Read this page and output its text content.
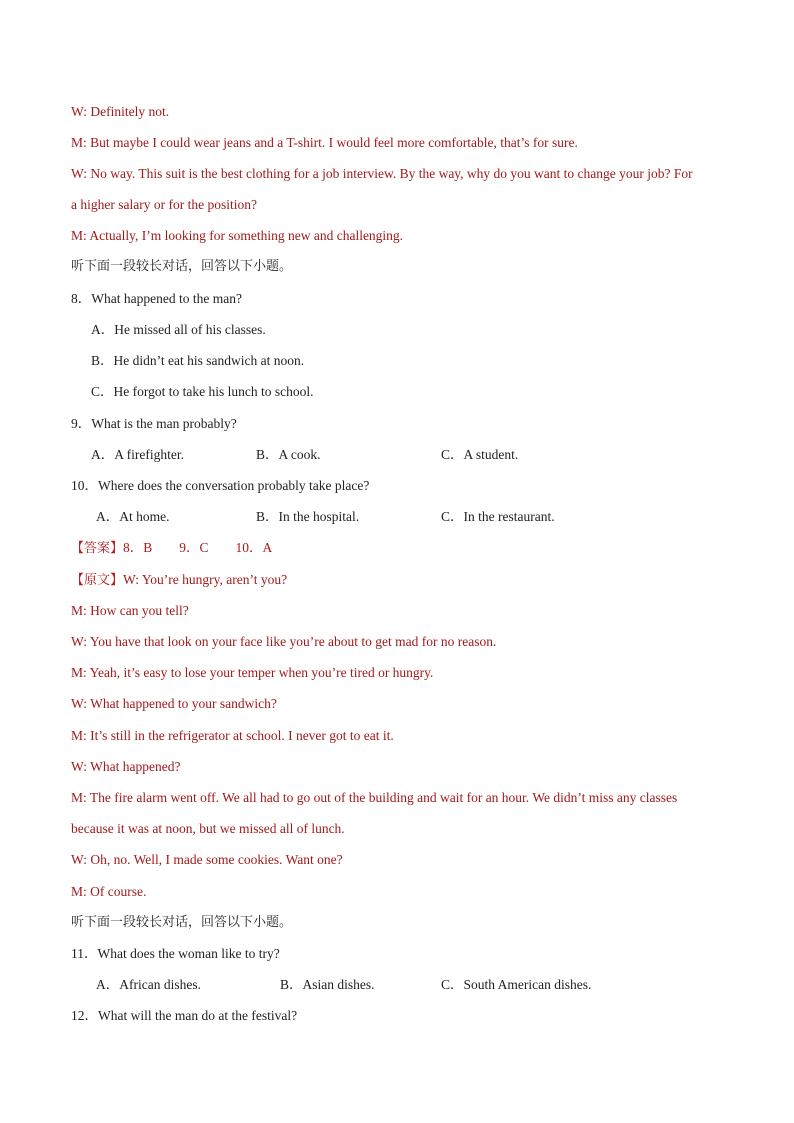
W: Definitely not.
M: But maybe I could wear jeans and a T-shirt. I would feel more comfortable, that’s for sure.
W: No way. This suit is the best clothing for a job interview. By the way, why do you want to change your job? For
a higher salary or for the position?
M: Actually, I’m looking for something new and challenging.
听下面一段较长对话，回答以下小题。
8．What happened to the man?
A．He missed all of his classes.
B．He didn’t eat his sandwich at noon.
C．He forgot to take his lunch to school.
9．What is the man probably?
A．A firefighter.	B．A cook.	C．A student.
10．Where does the conversation probably take place?
A．At home.	B．In the hospital.	C．In the restaurant.
【答案】8．B        9．C        10．A
【原文】W: You’re hungry, aren’t you?
M: How can you tell?
W: You have that look on your face like you’re about to get mad for no reason.
M: Yeah, it’s easy to lose your temper when you’re tired or hungry.
W: What happened to your sandwich?
M: It’s still in the refrigerator at school. I never got to eat it.
W: What happened?
M: The fire alarm went off. We all had to go out of the building and wait for an hour. We didn’t miss any classes
because it was at noon, but we missed all of lunch.
W: Oh, no. Well, I made some cookies. Want one?
M: Of course.
听下面一段较长对话，回答以下小题。
11．What does the woman like to try?
A．African dishes.	B．Asian dishes.	C．South American dishes.
12．What will the man do at the festival?
